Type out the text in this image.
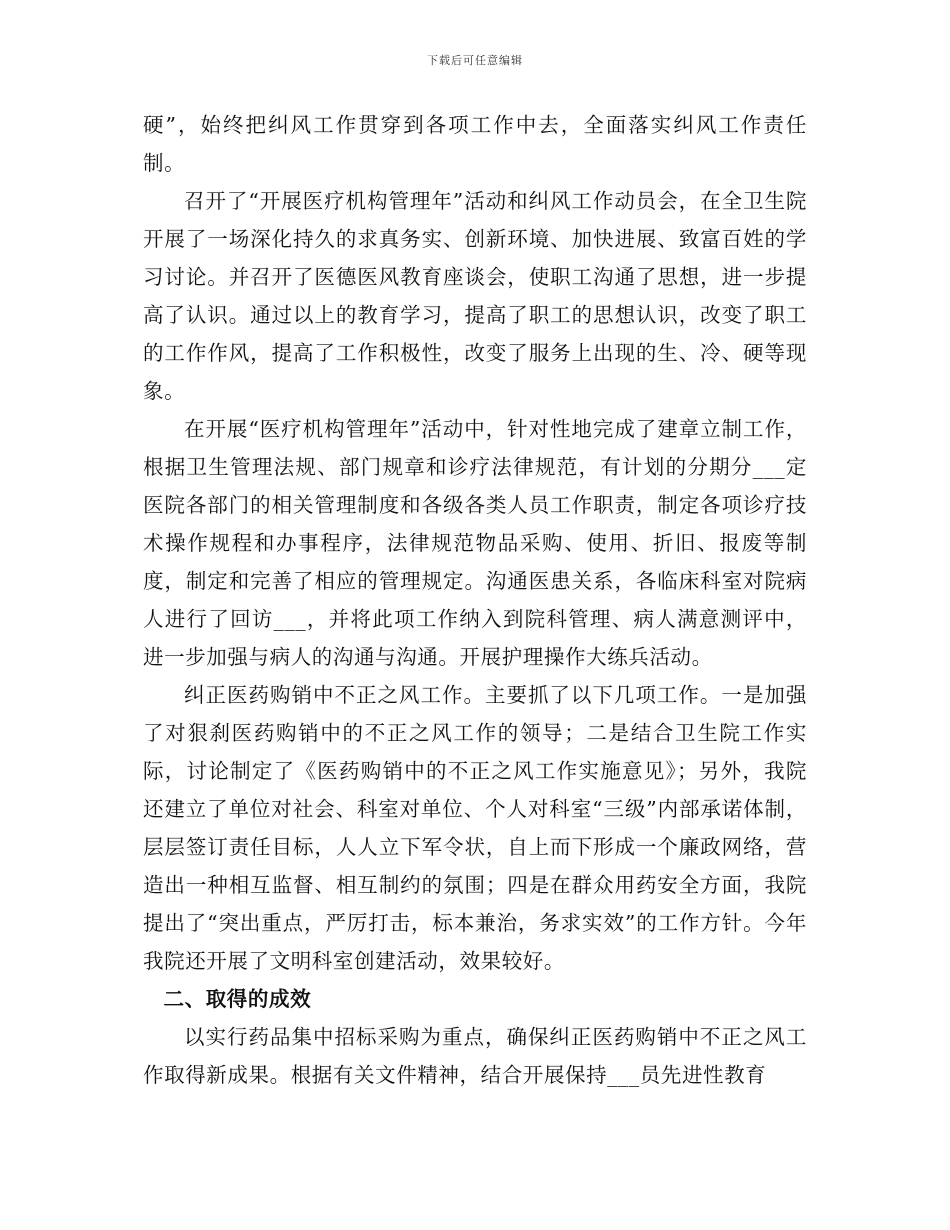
下载后可任意编辑

硬”，始终把纠风工作贯穿到各项工作中去，全面落实纠风工作责任制。

召开了“开展医疗机构管理年”活动和纠风工作动员会，在全卫生院开展了一场深化持久的求真务实、创新环境、加快进展、致富百姓的学习讨论。并召开了医德医风教育座谈会，使职工沟通了思想，进一步提高了认识。通过以上的教育学习，提高了职工的思想认识，改变了职工的工作作风，提高了工作积极性，改变了服务上出现的生、冷、硬等现象。

在开展“医疗机构管理年”活动中，针对性地完成了建章立制工作，根据卫生管理法规、部门规章和诊疗法律规范，有计划的分期分___定医院各部门的相关管理制度和各级各类人员工作职责，制定各项诊疗技术操作规程和办事程序，法律规范物品采购、使用、折旧、报废等制度，制定和完善了相应的管理规定。沟通医患关系，各临床科室对院病人进行了回访___，并将此项工作纳入到院科管理、病人满意测评中，进一步加强与病人的沟通与沟通。开展护理操作大练兵活动。

纠正医药购销中不正之风工作。主要抓了以下几项工作。一是加强了对狠刹医药购销中的不正之风工作的领导；二是结合卫生院工作实际，讨论制定了《医药购销中的不正之风工作实施意见》；另外，我院还建立了单位对社会、科室对单位、个人对科室“三级”内部承诺体制，层层签订责任目标，人人立下军令状，自上而下形成一个廉政网络，营造出一种相互监督、相互制约的氛围；四是在群众用药安全方面，我院提出了“突出重点，严厉打击，标本兼治，务求实效”的工作方针。今年我院还开展了文明科室创建活动，效果较好。

二、取得的成效

以实行药品集中招标采购为重点，确保纠正医药购销中不正之风工作取得新成果。根据有关文件精神，结合开展保持___员先进性教育
